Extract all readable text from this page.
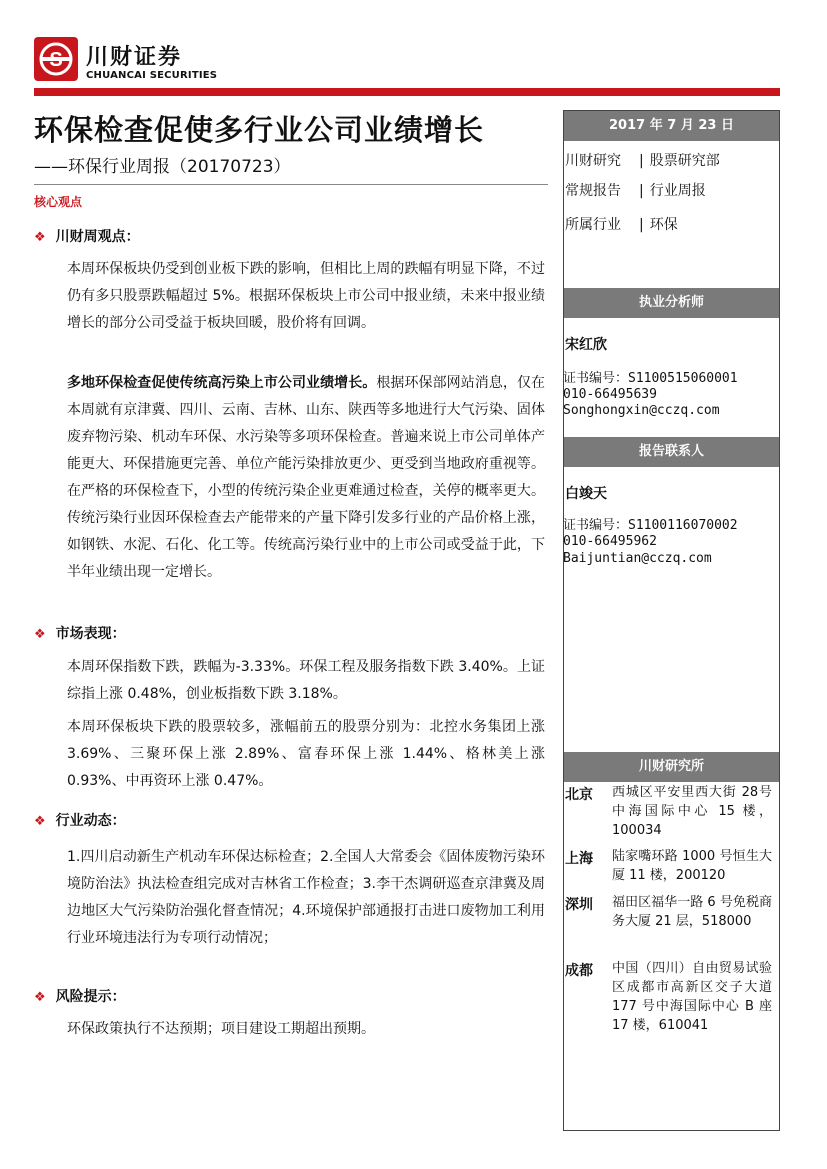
S 川财证券
CHUANCAI SECURITIES
环保检查促使多行业公司业绩增长
——环保行业周报（20170723）
核心观点
❖ 川财周观点：
本周环保板块仍受到创业板下跌的影响，但相比上周的跌幅有明显下降，不过仍有多只股票跌幅超过 5%。根据环保板块上市公司中报业绩，未来中报业绩增长的部分公司受益于板块回暖，股价将有回调。
多地环保检查促使传统高污染上市公司业绩增长。根据环保部网站消息，仅在本周就有京津冀、四川、云南、吉林、山东、陕西等多地进行大气污染、固体废弃物污染、机动车环保、水污染等多项环保检查。普遍来说上市公司单体产能更大、环保措施更完善、单位产能污染排放更少、更受到当地政府重视等。在严格的环保检查下，小型的传统污染企业更难通过检查，关停的概率更大。传统污染行业因环保检查去产能带来的产量下降引发多行业的产品价格上涨，如钢铁、水泥、石化、化工等。传统高污染行业中的上市公司或受益于此，下半年业绩出现一定增长。
❖ 市场表现：
本周环保指数下跌，跌幅为-3.33%。环保工程及服务指数下跌 3.40%。上证综指上涨 0.48%，创业板指数下跌 3.18%。
本周环保板块下跌的股票较多，涨幅前五的股票分别为：北控水务集团上涨 3.69%、三聚环保上涨 2.89%、富春环保上涨 1.44%、格林美上涨 0.93%、中再资环上涨 0.47%。
❖ 行业动态：
1.四川启动新生产机动车环保达标检查；2.全国人大常委会《固体废物污染环境防治法》执法检查组完成对吉林省工作检查；3.李干杰调研巡查京津冀及周边地区大气污染防治强化督查情况；4.环境保护部通报打击进口废物加工利用行业环境违法行为专项行动情况；
❖ 风险提示：
环保政策执行不达预期；项目建设工期超出预期。
2017 年 7 月 23 日
川财研究 | 股票研究部
常规报告 | 行业周报
所属行业 | 环保
执业分析师
宋红欣
证书编号：S1100515060001
010-66495639
Songhongxin@cczq.com
报告联系人
白竣天
证书编号：S1100116070002
010-66495962
Baijuntian@cczq.com
川财研究所
北京 西城区平安里西大街 28号中海国际中心 15 楼，100034
上海 陆家嘴环路 1000 号恒生大厦 11 楼，200120
深圳 福田区福华一路 6 号免税商务大厦 21 层，518000
成都 中国（四川）自由贸易试验区成都市高新区交子大道 177 号中海国际中心 B 座 17 楼，610041
